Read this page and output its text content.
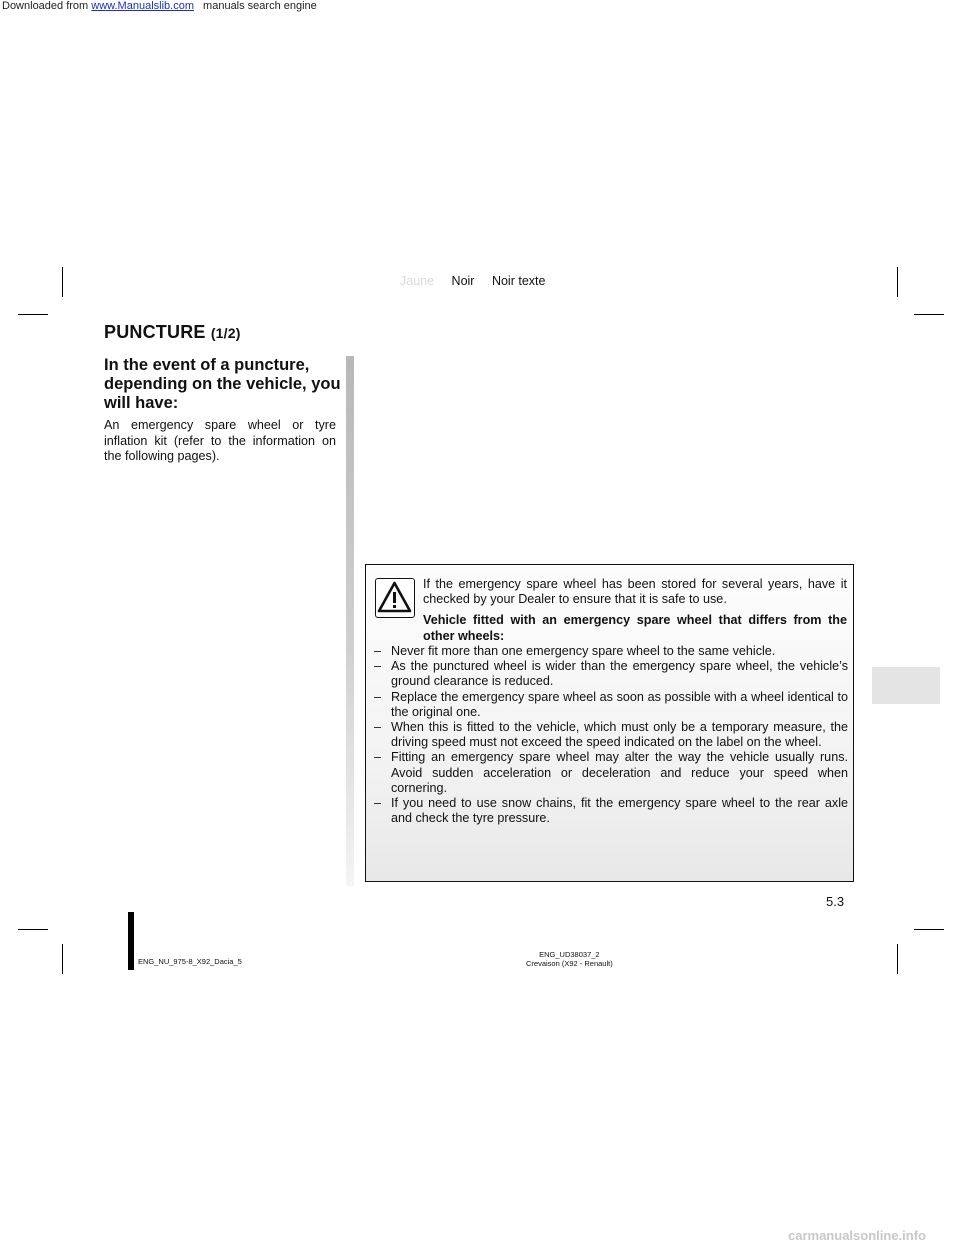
Downloaded from www.Manualslib.com manuals search engine
Jaune Noir Noir texte
PUNCTURE (1/2)
In the event of a puncture, depending on the vehicle, you will have:
An emergency spare wheel or tyre inflation kit (refer to the information on the following pages).
If the emergency spare wheel has been stored for several years, have it checked by your Dealer to ensure that it is safe to use.
Vehicle fitted with an emergency spare wheel that differs from the other wheels:
– Never fit more than one emergency spare wheel to the same vehicle.
– As the punctured wheel is wider than the emergency spare wheel, the vehicle’s ground clearance is reduced.
– Replace the emergency spare wheel as soon as possible with a wheel identical to the original one.
– When this is fitted to the vehicle, which must only be a temporary measure, the driving speed must not exceed the speed indicated on the label on the wheel.
– Fitting an emergency spare wheel may alter the way the vehicle usually runs. Avoid sudden acceleration or deceleration and reduce your speed when cornering.
– If you need to use snow chains, fit the emergency spare wheel to the rear axle and check the tyre pressure.
5.3
ENG_NU_975-8_X92_Dacia_5
ENG_UD38037_2
Crevaison (X92 - Renault)
carmanualsonline.info
